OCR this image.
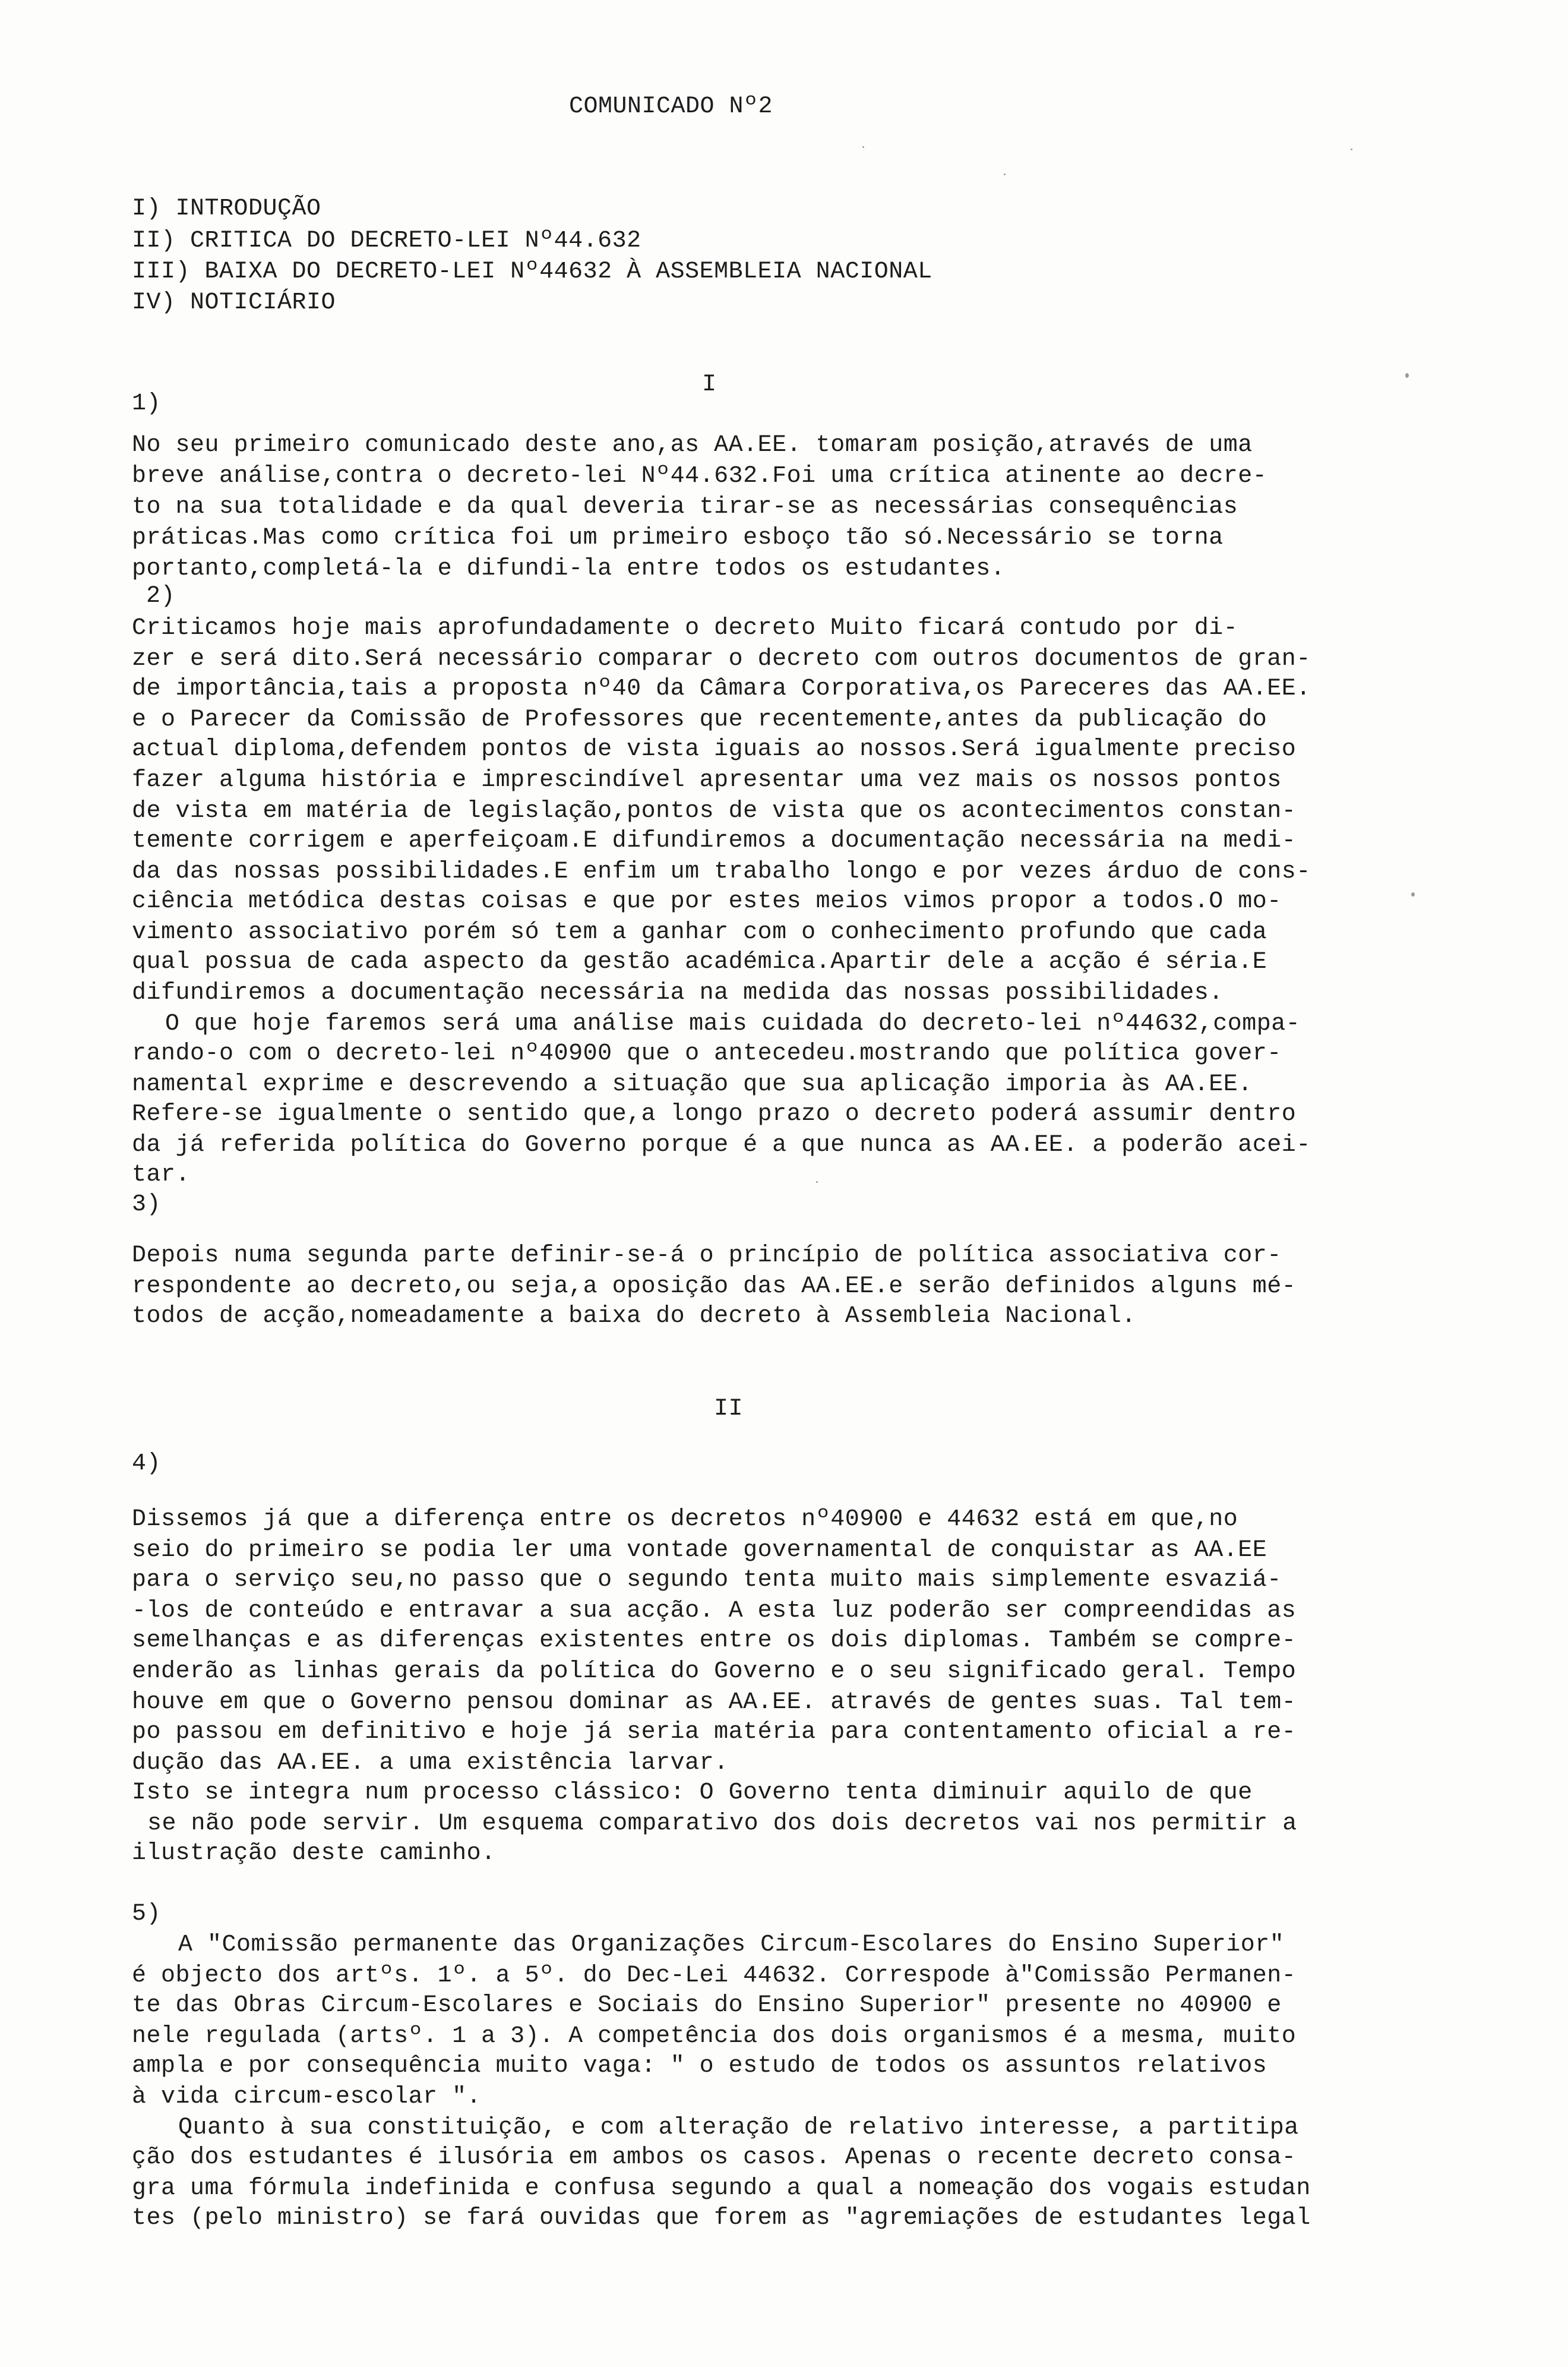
COMUNICADO Nº2
I) INTRODUÇÃO
II) CRITICA DO DECRETO-LEI Nº44.632
III) BAIXA DO DECRETO-LEI Nº44632 À ASSEMBLEIA NACIONAL
IV) NOTICIÁRIO
I
1)
No seu primeiro comunicado deste ano,as AA.EE. tomaram posição,através de uma
breve análise,contra o decreto-lei Nº44.632.Foi uma crítica atinente ao decre-
to na sua totalidade e da qual deveria tirar-se as necessárias consequências
práticas.Mas como crítica foi um primeiro esboço tão só.Necessário se torna
portanto,completá-la e difundi-la entre todos os estudantes.
2)
Criticamos hoje mais aprofundadamente o decreto Muito ficará contudo por di-
zer e será dito.Será necessário comparar o decreto com outros documentos de gran-
de importância,tais a proposta nº40 da Câmara Corporativa,os Pareceres das AA.EE.
e o Parecer da Comissão de Professores que recentemente,antes da publicação do
actual diploma,defendem pontos de vista iguais ao nossos.Será igualmente preciso
fazer alguma história e imprescindível apresentar uma vez mais os nossos pontos
de vista em matéria de legislação,pontos de vista que os acontecimentos constan-
temente corrigem e aperfeiçoam.E difundiremos a documentação necessária na medi-
da das nossas possibilidades.E enfim um trabalho longo e por vezes árduo de cons-
ciência metódica destas coisas e que por estes meios vimos propor a todos.O mo-
vimento associativo porém só tem a ganhar com o conhecimento profundo que cada
qual possua de cada aspecto da gestão académica.Apartir dele a acção é séria.E
difundiremos a documentação necessária na medida das nossas possibilidades.
O que hoje faremos será uma análise mais cuidada do decreto-lei nº44632,compa-
rando-o com o decreto-lei nº40900 que o antecedeu.mostrando que política gover-
namental exprime e descrevendo a situação que sua aplicação imporia às AA.EE.
Refere-se igualmente o sentido que,a longo prazo o decreto poderá assumir dentro
da já referida política do Governo porque é a que nunca as AA.EE. a poderão acei-
tar.
3)
Depois numa segunda parte definir-se-á o princípio de política associativa cor-
respondente ao decreto,ou seja,a oposição das AA.EE.e serão definidos alguns mé-
todos de acção,nomeadamente a baixa do decreto à Assembleia Nacional.
II
4)
Dissemos já que a diferença entre os decretos nº40900 e 44632 está em que,no
seio do primeiro se podia ler uma vontade governamental de conquistar as AA.EE
para o serviço seu,no passo que o segundo tenta muito mais simplemente esvaziá-
-los de conteúdo e entravar a sua acção. A esta luz poderão ser compreendidas as
semelhanças e as diferenças existentes entre os dois diplomas. Também se compre-
enderão as linhas gerais da política do Governo e o seu significado geral. Tempo
houve em que o Governo pensou dominar as AA.EE. através de gentes suas. Tal tem-
po passou em definitivo e hoje já seria matéria para contentamento oficial a re-
dução das AA.EE. a uma existência larvar.
Isto se integra num processo clássico: O Governo tenta diminuir aquilo de que
se não pode servir. Um esquema comparativo dos dois decretos vai nos permitir a
ilustração deste caminho.
5)
A "Comissão permanente das Organizações Circum-Escolares do Ensino Superior"
é objecto dos artºs. 1º. a 5º. do Dec-Lei 44632. Correspode à"Comissão Permanen-
te das Obras Circum-Escolares e Sociais do Ensino Superior" presente no 40900 e
nele regulada (artsº. 1 a 3). A competência dos dois organismos é a mesma, muito
ampla e por consequência muito vaga: " o estudo de todos os assuntos relativos
à vida circum-escolar ".
Quanto à sua constituição, e com alteração de relativo interesse, a partitipa
ção dos estudantes é ilusória em ambos os casos. Apenas o recente decreto consa-
gra uma fórmula indefinida e confusa segundo a qual a nomeação dos vogais estudan
tes (pelo ministro) se fará ouvidas que forem as "agremiações de estudantes legal
